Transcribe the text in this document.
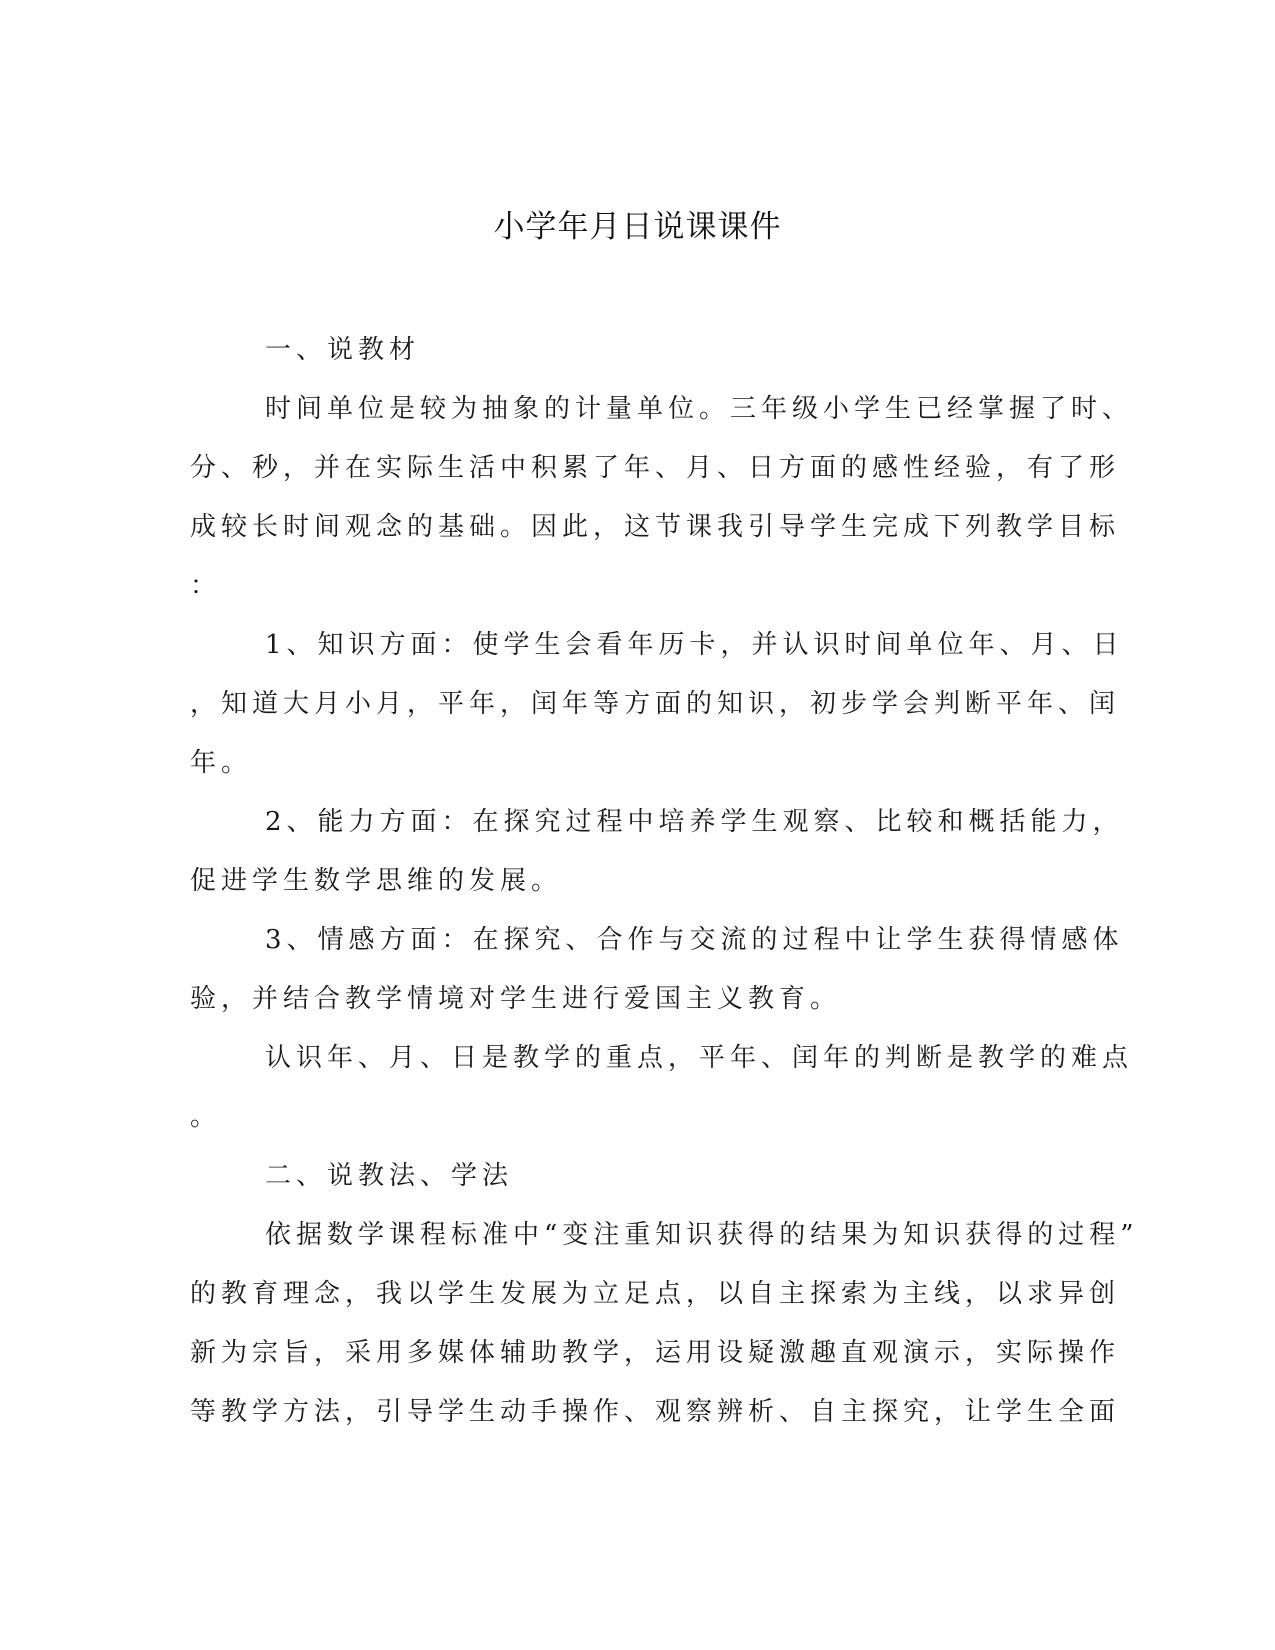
小学年月日说课课件
一、说教材
时间单位是较为抽象的计量单位。三年级小学生已经掌握了时、
分、秒，并在实际生活中积累了年、月、日方面的感性经验，有了形
成较长时间观念的基础。因此，这节课我引导学生完成下列教学目标
：
1、知识方面：使学生会看年历卡，并认识时间单位年、月、日
，知道大月小月，平年，闰年等方面的知识，初步学会判断平年、闰
年。
2、能力方面：在探究过程中培养学生观察、比较和概括能力，
促进学生数学思维的发展。
3、情感方面：在探究、合作与交流的过程中让学生获得情感体
验，并结合教学情境对学生进行爱国主义教育。
认识年、月、日是教学的重点，平年、闰年的判断是教学的难点
。
二、说教法、学法
依据数学课程标准中“变注重知识获得的结果为知识获得的过程”
的教育理念，我以学生发展为立足点，以自主探索为主线，以求异创
新为宗旨，采用多媒体辅助教学，运用设疑激趣直观演示，实际操作
等教学方法，引导学生动手操作、观察辨析、自主探究，让学生全面
